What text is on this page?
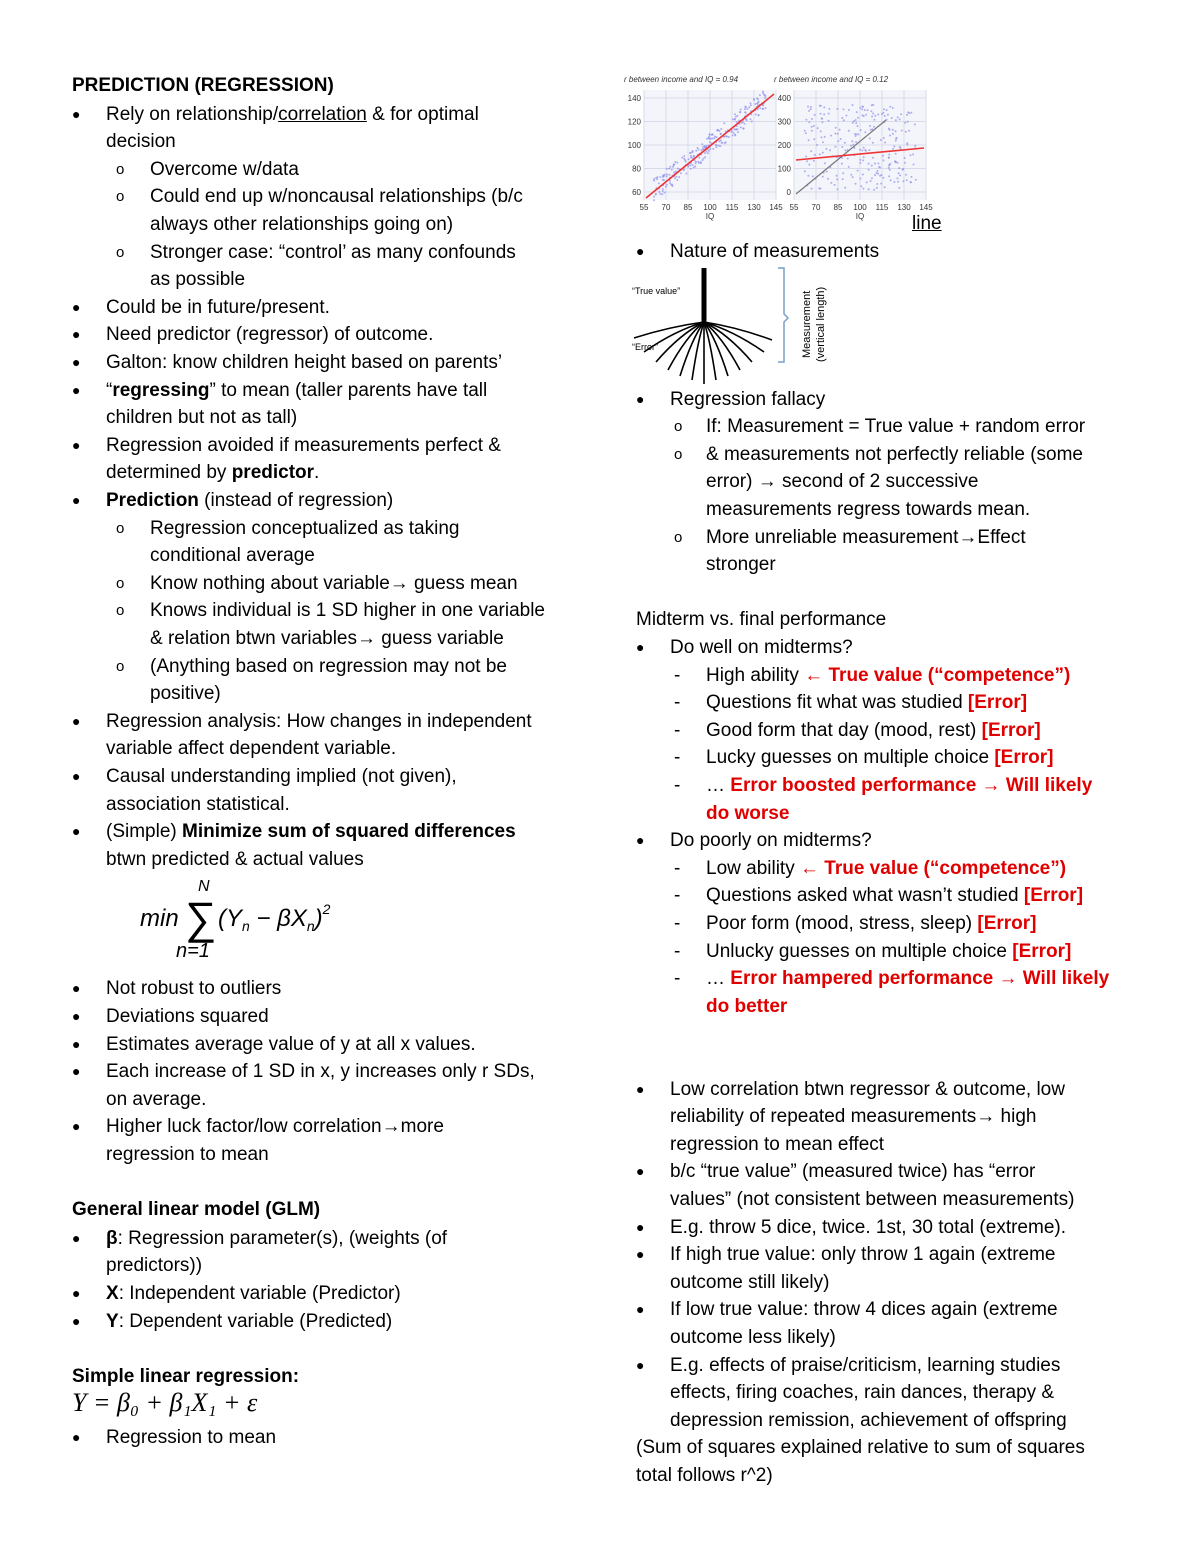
PREDICTION (REGRESSION)
● Rely on relationship/correlation & for optimal
decision
o Overcome w/data
o Could end up w/noncausal relationships (b/c
always other relationships going on)
o Stronger case: “control’ as many confounds
as possible
● Could be in future/present.
● Need predictor (regressor) of outcome.
● Galton: know children height based on parents’
● “regressing” to mean (taller parents have tall
children but not as tall)
● Regression avoided if measurements perfect &
determined by predictor.
● Prediction (instead of regression)
o Regression conceptualized as taking
conditional average
o Know nothing about variable→ guess mean
o Knows individual is 1 SD higher in one variable
& relation btwn variables→ guess variable
o (Anything based on regression may not be
positive)
● Regression analysis: How changes in independent
variable affect dependent variable.
● Causal understanding implied (not given),
association statistical.
● (Simple) Minimize sum of squared differences
btwn predicted & actual values
min ∑
N
n=1
$(Y_n - \beta X_n)^2$
● Not robust to outliers
● Deviations squared
● Estimates average value of y at all x values.
● Each increase of 1 SD in x, y increases only r SDs,
on average.
● Higher luck factor/low correlation→more
regression to mean
General linear model (GLM)
● β: Regression parameter(s), (weights (of
predictors))
● X: Independent variable (Predictor)
● Y: Dependent variable (Predicted)
Simple linear regression:
Y = β₀ + β₁X₁ + ε
● Regression to mean
r between income and IQ = 0.94
140
120
100
80
60
55 70 85 100 115 130 145
IQ
r between income and IQ = 0.12
400
300
200
100
0
55 70 85 100 115 130 145
IQ	line
● Nature of measurements
“True value”
“Error”	Measurement (vertical length)
● Regression fallacy
o If: Measurement = True value + random error
o & measurements not perfectly reliable (some
error) → second of 2 successive
measurements regress towards mean.
o More unreliable measurement→Effect
stronger
Midterm vs. final performance
● Do well on midterms?
- High ability ← True value (“competence”)
- Questions fit what was studied [Error]
- Good form that day (mood, rest) [Error]
- Lucky guesses on multiple choice [Error]
- … Error boosted performance → Will likely
do worse
● Do poorly on midterms?
- Low ability ← True value (“competence”)
- Questions asked what wasn’t studied [Error]
- Poor form (mood, stress, sleep) [Error]
- Unlucky guesses on multiple choice [Error]
- … Error hampered performance → Will likely
do better
● Low correlation btwn regressor & outcome, low
reliability of repeated measurements→ high
regression to mean effect
● b/c “true value” (measured twice) has “error
values” (not consistent between measurements)
● E.g. throw 5 dice, twice. 1st, 30 total (extreme).
● If high true value: only throw 1 again (extreme
outcome still likely)
● If low true value: throw 4 dices again (extreme
outcome less likely)
● E.g. effects of praise/criticism, learning studies
effects, firing coaches, rain dances, therapy &
depression remission, achievement of offspring
(Sum of squares explained relative to sum of squares
total follows r^2)
